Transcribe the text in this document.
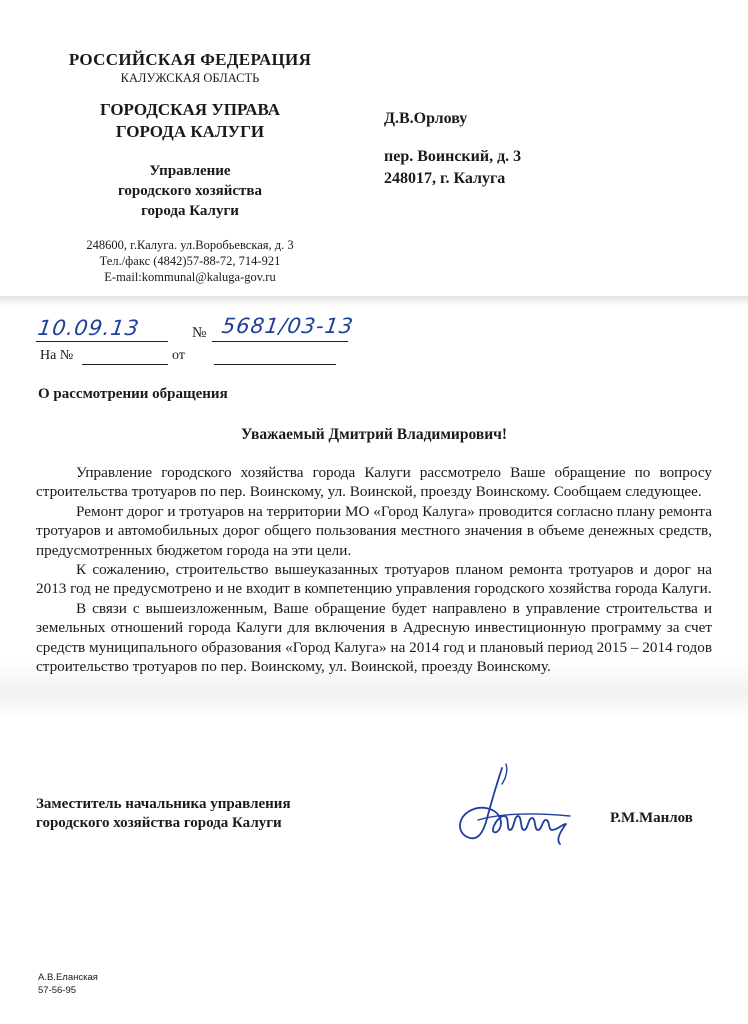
РОССИЙСКАЯ ФЕДЕРАЦИЯ
КАЛУЖСКАЯ ОБЛАСТЬ
ГОРОДСКАЯ УПРАВА
ГОРОДА КАЛУГИ
Управление
городского хозяйства
города Калуги
248600, г.Калуга. ул.Воробьевская, д. 3
Тел./факс (4842)57-88-72, 714-921
E-mail:kommunal@kaluga-gov.ru
Д.В.Орлову
пер. Воинский, д. 3
248017, г. Калуга
10.09.13	№ 5681/03-13
На №	от
О рассмотрении обращения
Уважаемый Дмитрий Владимирович!

Управление городского хозяйства города Калуги рассмотрело Ваше обращение по вопросу строительства тротуаров по пер. Воинскому, ул. Воинской, проезду Воинскому. Сообщаем следующее.

Ремонт дорог и тротуаров на территории МО «Город Калуга» проводится согласно плану ремонта тротуаров и автомобильных дорог общего пользования местного значения в объеме денежных средств, предусмотренных бюджетом города на эти цели.

К сожалению, строительство вышеуказанных тротуаров планом ремонта тротуаров и дорог на 2013 год не предусмотрено и не входит в компетенцию управления городского хозяйства города Калуги.

В связи с вышеизложенным, Ваше обращение будет направлено в управление строительства и земельных отношений города Калуги для включения в Адресную инвестиционную программу за счет средств муниципального образования «Город Калуга» на 2014 год и плановый период 2015 – 2014 годов строительство тротуаров по пер. Воинскому, ул. Воинской, проезду Воинскому.

Заместитель начальника управления
городского хозяйства города Калуги	Р.М.Манлов
А.В.Еланская
57-56-95
